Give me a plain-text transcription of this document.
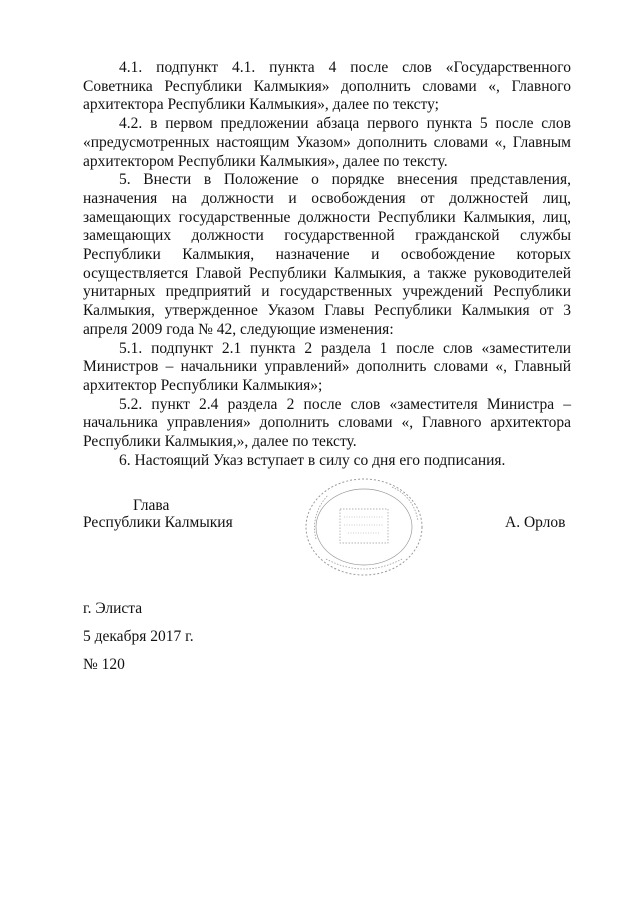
4.1. подпункт 4.1. пункта 4 после слов «Государственного Советника Республики Калмыкия» дополнить словами «, Главного архитектора Республики Калмыкия», далее по тексту;

4.2. в первом предложении абзаца первого пункта 5 после слов «предусмотренных настоящим Указом» дополнить словами «, Главным архитектором Республики Калмыкия», далее по тексту.

5. Внести в Положение о порядке внесения представления, назначения на должности и освобождения от должностей лиц, замещающих государственные должности Республики Калмыкия, лиц, замещающих должности государственной гражданской службы Республики Калмыкия, назначение и освобождение которых осуществляется Главой Республики Калмыкия, а также руководителей унитарных предприятий и государственных учреждений Республики Калмыкия, утвержденное Указом Главы Республики Калмыкия от 3 апреля 2009 года № 42, следующие изменения:

5.1. подпункт 2.1 пункта 2 раздела 1 после слов «заместители Министров – начальники управлений» дополнить словами «, Главный архитектор Республики Калмыкия»;

5.2. пункт 2.4 раздела 2 после слов «заместителя Министра – начальника управления» дополнить словами «, Главного архитектора Республики Калмыкия,», далее по тексту.

6. Настоящий Указ вступает в силу со дня его подписания.

Глава
Республики Калмыкия	А. Орлов
г. Элиста
5 декабря 2017 г.
№ 120
